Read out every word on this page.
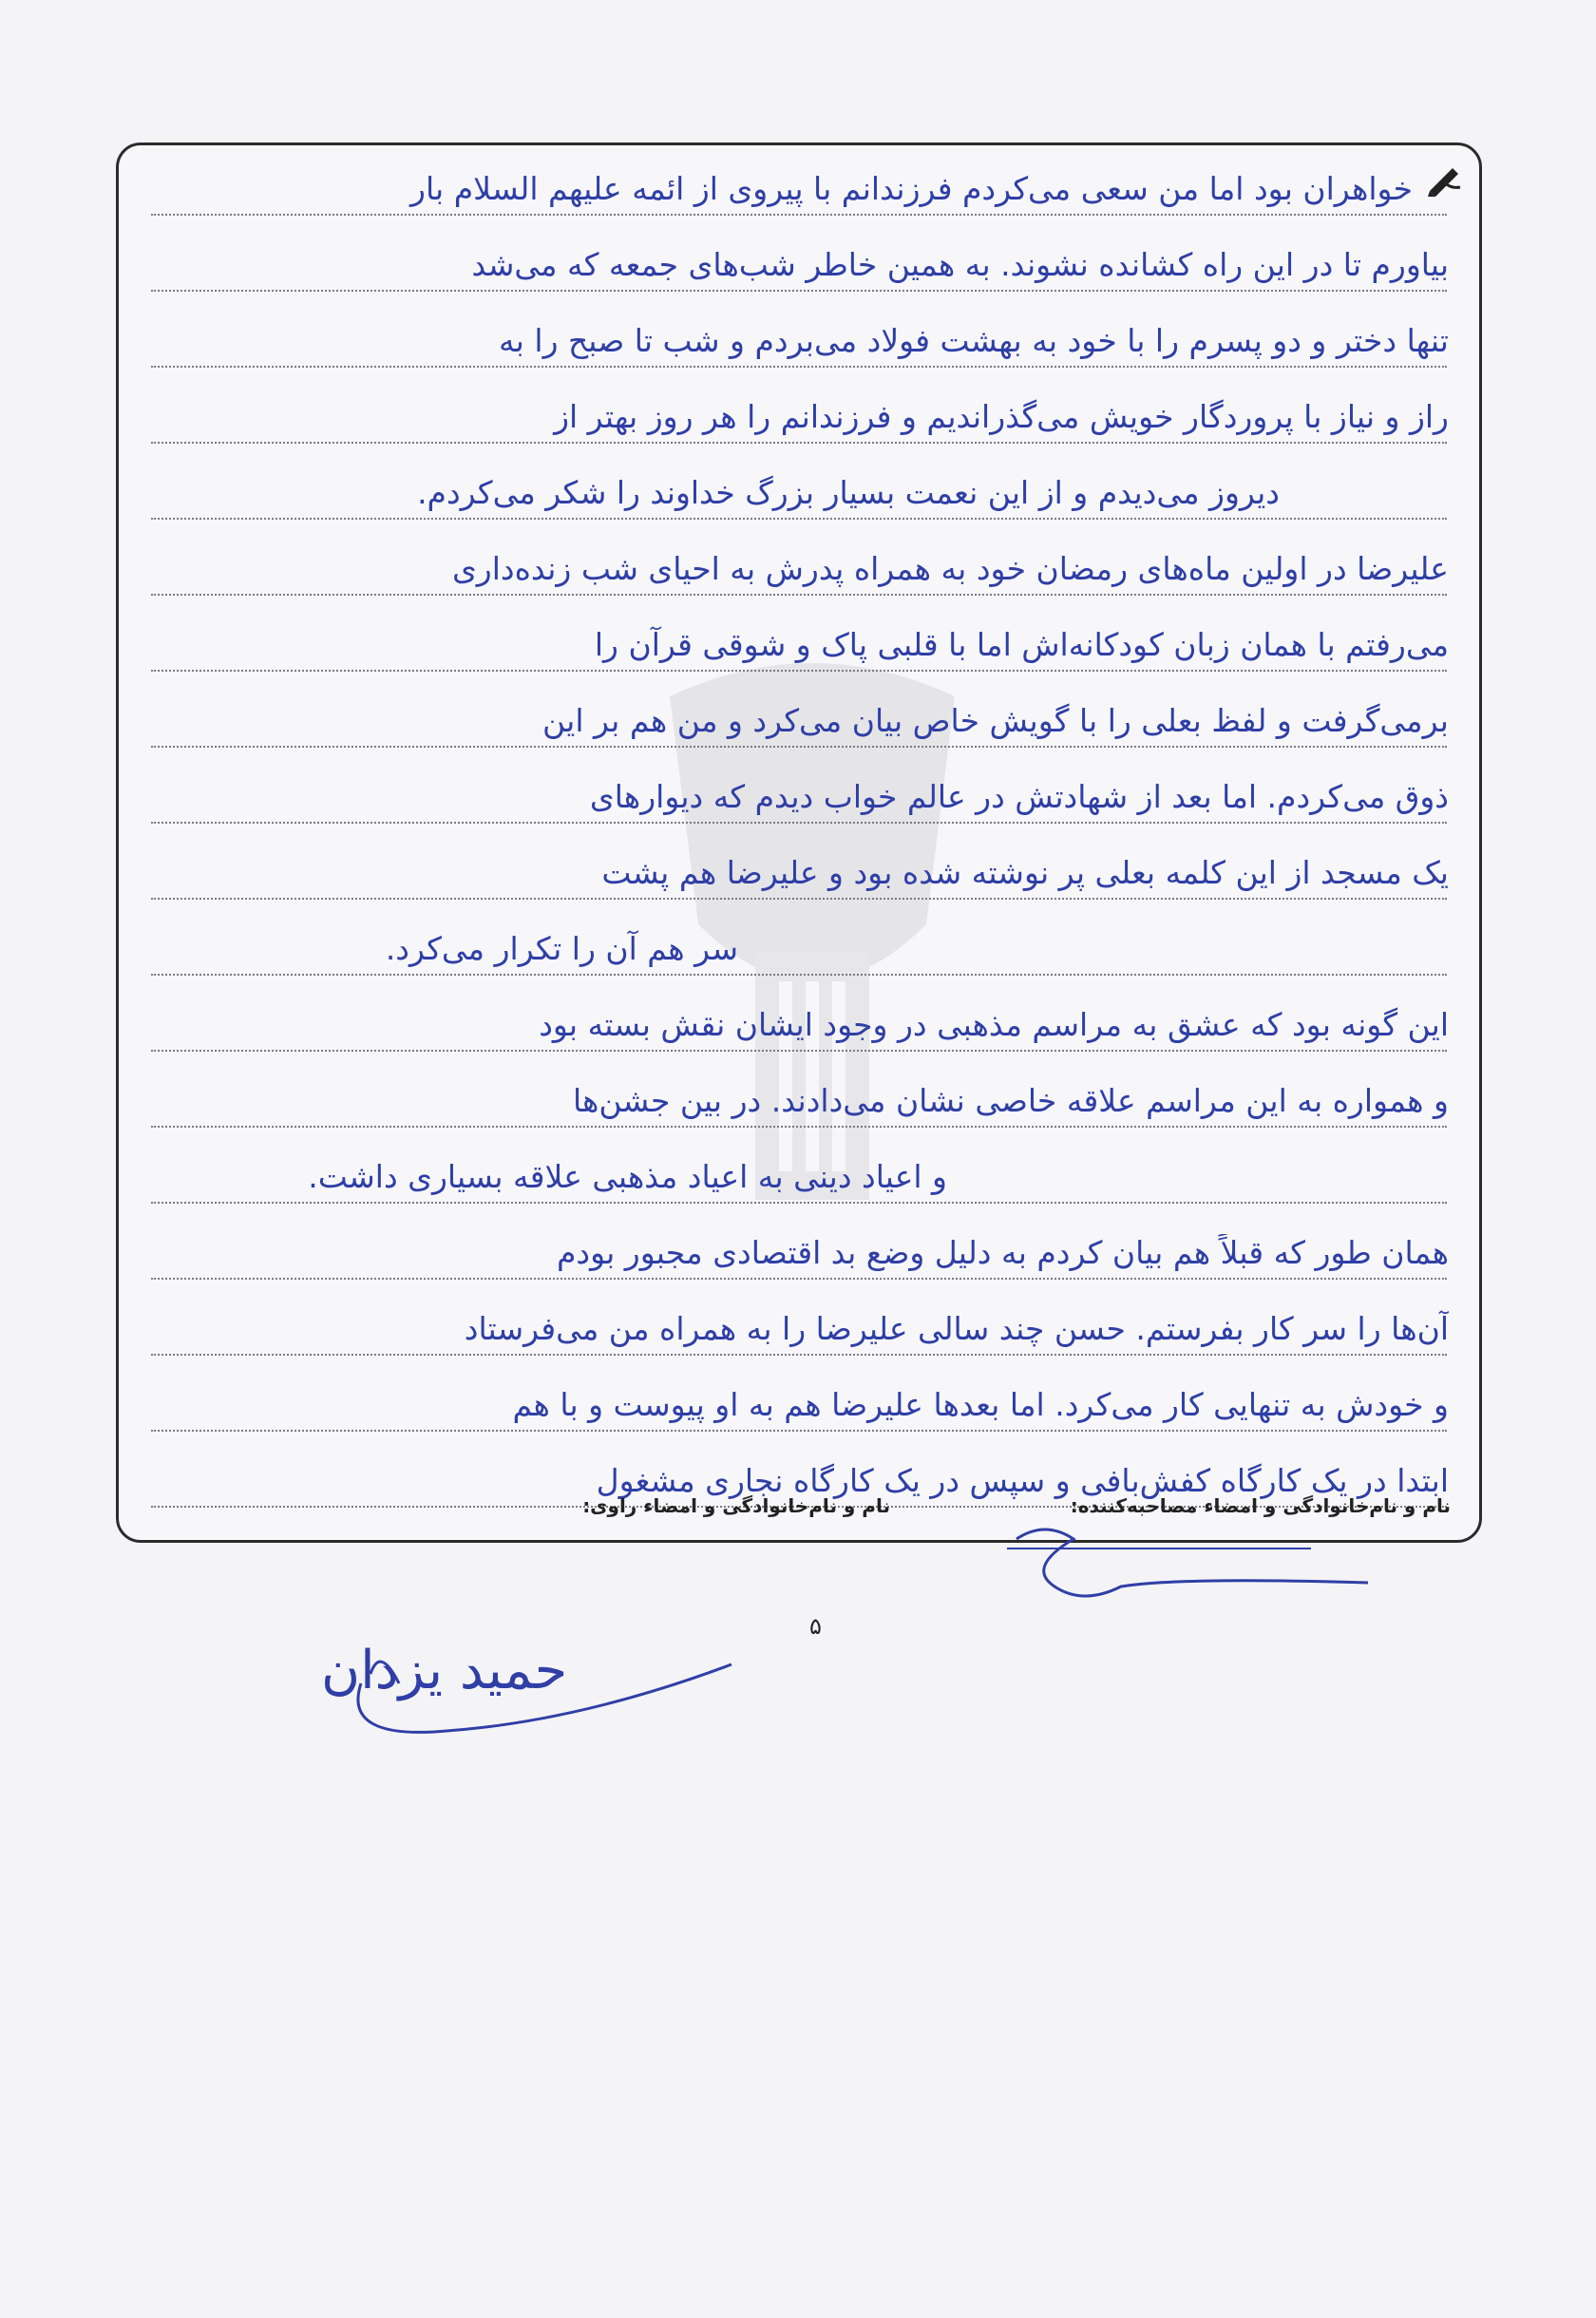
خواهران بود اما من سعی می‌کردم فرزندانم با پیروی از ائمه علیهم السلام بار
بیاورم تا در این راه کشانده نشوند. به همین خاطر شب‌های جمعه که می‌شد
تنها دختر و دو پسرم را با خود به بهشت فولاد می‌بردم و شب تا صبح را به
راز و نیاز با پروردگار خویش می‌گذراندیم و فرزندانم را هر روز بهتر از
دیروز می‌دیدم و از این نعمت بسیار بزرگ خداوند را شکر می‌کردم.
علیرضا در اولین ماه‌های رمضان خود به همراه پدرش به احیای شب زنده‌داری
می‌رفتم با همان زبان کودکانه‌اش اما با قلبی پاک و شوقی قرآن را
برمی‌گرفت و لفظ بعلی را با گویش خاص بیان می‌کرد و من هم بر این
ذوق می‌کردم. اما بعد از شهادتش در عالم خواب دیدم که دیوارهای
یک مسجد از این کلمه بعلی پر نوشته شده بود و علیرضا هم پشت
سر هم آن را تکرار می‌کرد.
این گونه بود که عشق به مراسم مذهبی در وجود ایشان نقش بسته بود
و همواره به این مراسم علاقه خاصی نشان می‌دادند. در بین جشن‌ها
و اعیاد دینی به اعیاد مذهبی علاقه بسیاری داشت.
همان طور که قبلاً هم بیان کردم به دلیل وضع بد اقتصادی مجبور بودم
آن‌ها را سر کار بفرستم. حسن چند سالی علیرضا را به همراه من می‌فرستاد
و خودش به تنهایی کار می‌کرد. اما بعدها علیرضا هم به او پیوست و با هم
ابتدا در یک کارگاه کفش‌بافی و سپس در یک کارگاه نجاری مشغول
نام و نام‌خانوادگی و امضاء مصاحبه‌کننده:
نام و نام‌خانوادگی و امضاء راوی:
۵
حمید یزدان
